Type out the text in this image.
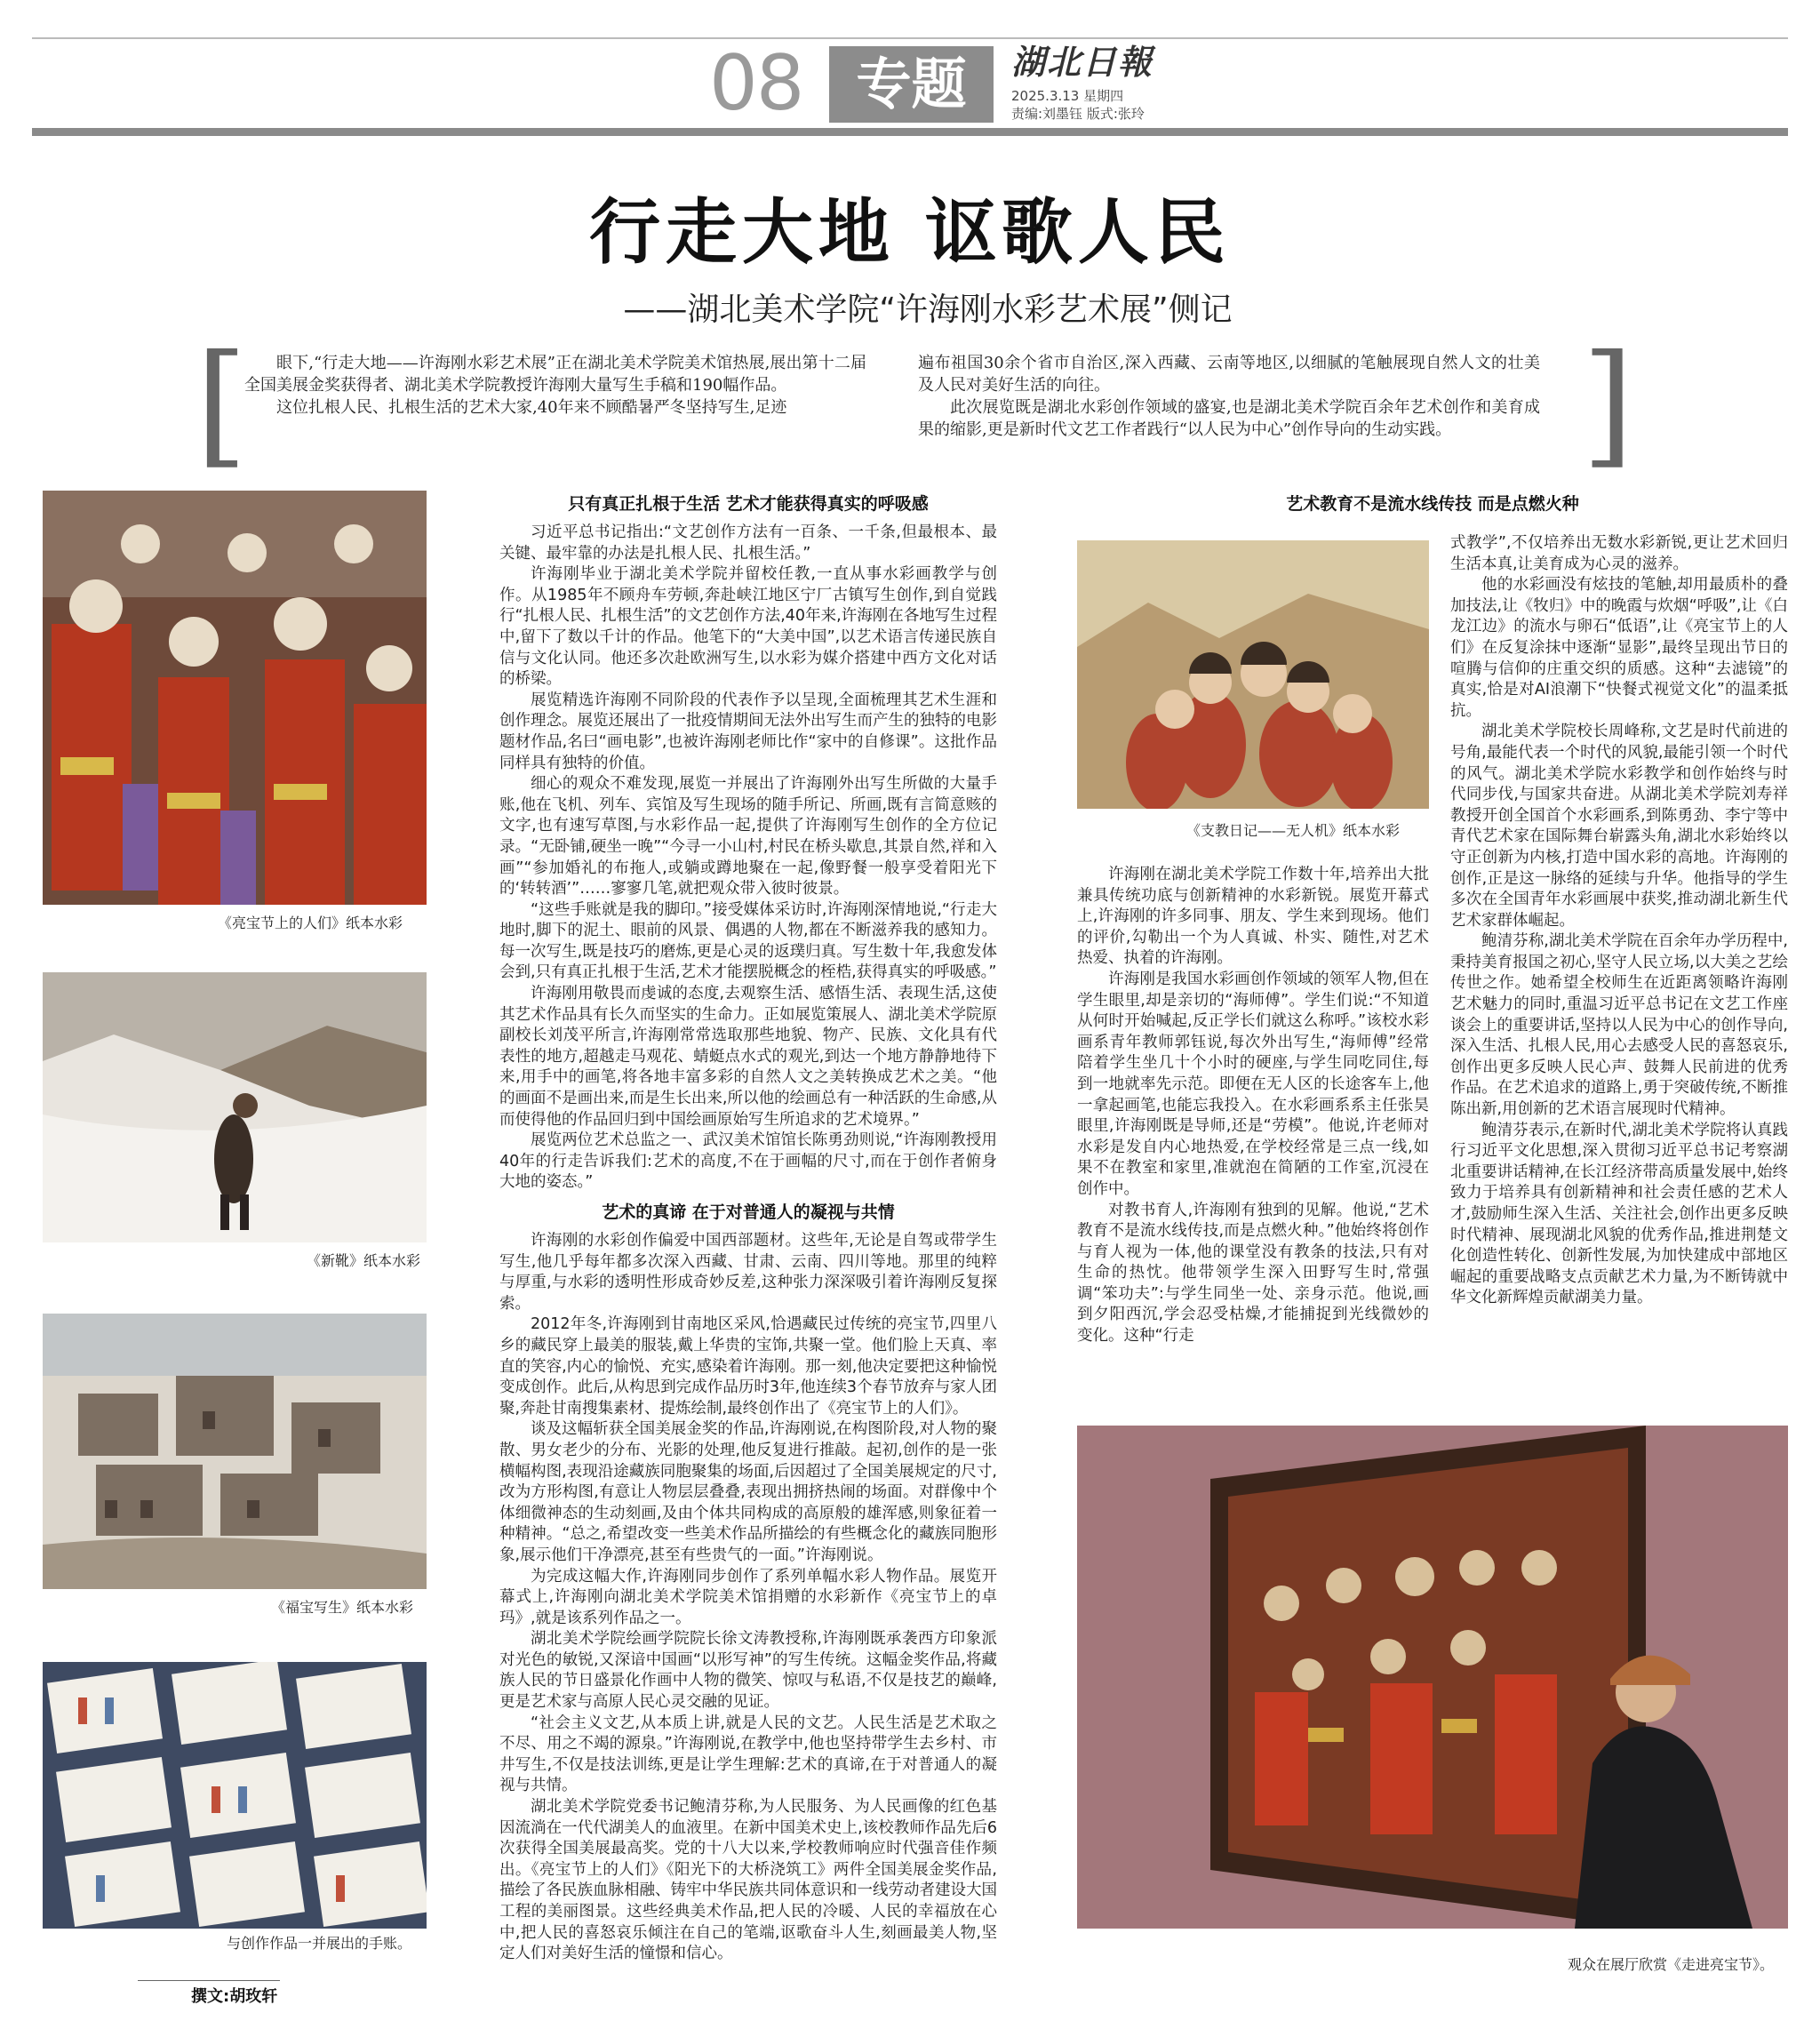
08 专题	湖北日報
2025.3.13 星期四
责编:刘墨钰 版式:张玲
行走大地 讴歌人民
——湖北美术学院“许海刚水彩艺术展”侧记
[	]

眼下,“行走大地——许海刚水彩艺术展”正在湖北美术学院美术馆热展,展出第十二届全国美展金奖获得者、湖北美术学院教授许海刚大量写生手稿和190幅作品。

这位扎根人民、扎根生活的艺术大家,40年来不顾酷暑严冬坚持写生,足迹

遍布祖国30余个省市自治区,深入西藏、云南等地区,以细腻的笔触展现自然人文的壮美及人民对美好生活的向往。

此次展览既是湖北水彩创作领域的盛宴,也是湖北美术学院百余年艺术创作和美育成果的缩影,更是新时代文艺工作者践行“以人民为中心”创作导向的生动实践。

《亮宝节上的人们》纸本水彩
《新靴》纸本水彩
《福宝写生》纸本水彩
与创作作品一并展出的手账。
只有真正扎根于生活 艺术才能获得真实的呼吸感

习近平总书记指出:“文艺创作方法有一百条、一千条,但最根本、最关键、最牢靠的办法是扎根人民、扎根生活。”

许海刚毕业于湖北美术学院并留校任教,一直从事水彩画教学与创作。从1985年不顾舟车劳顿,奔赴峡江地区宁厂古镇写生创作,到自觉践行“扎根人民、扎根生活”的文艺创作方法,40年来,许海刚在各地写生过程中,留下了数以千计的作品。他笔下的“大美中国”,以艺术语言传递民族自信与文化认同。他还多次赴欧洲写生,以水彩为媒介搭建中西方文化对话的桥梁。

展览精选许海刚不同阶段的代表作予以呈现,全面梳理其艺术生涯和创作理念。展览还展出了一批疫情期间无法外出写生而产生的独特的电影题材作品,名曰“画电影”,也被许海刚老师比作“家中的自修课”。这批作品同样具有独特的价值。

细心的观众不难发现,展览一并展出了许海刚外出写生所做的大量手账,他在飞机、列车、宾馆及写生现场的随手所记、所画,既有言简意赅的文字,也有速写草图,与水彩作品一起,提供了许海刚写生创作的全方位记录。“无卧铺,硬坐一晚”“今寻一小山村,村民在桥头歇息,其景自然,祥和入画”“参加婚礼的布拖人,或躺或蹲地聚在一起,像野餐一般享受着阳光下的‘转转酒’”……寥寥几笔,就把观众带入彼时彼景。

“这些手账就是我的脚印。”接受媒体采访时,许海刚深情地说,“行走大地时,脚下的泥土、眼前的风景、偶遇的人物,都在不断滋养我的感知力。每一次写生,既是技巧的磨炼,更是心灵的返璞归真。写生数十年,我愈发体会到,只有真正扎根于生活,艺术才能摆脱概念的桎梏,获得真实的呼吸感。”

许海刚用敬畏而虔诚的态度,去观察生活、感悟生活、表现生活,这使其艺术作品具有长久而坚实的生命力。正如展览策展人、湖北美术学院原副校长刘茂平所言,许海刚常常选取那些地貌、物产、民族、文化具有代表性的地方,超越走马观花、蜻蜓点水式的观光,到达一个地方静静地待下来,用手中的画笔,将各地丰富多彩的自然人文之美转换成艺术之美。“他的画面不是画出来,而是生长出来,所以他的绘画总有一种活跃的生命感,从而使得他的作品回归到中国绘画原始写生所追求的艺术境界。”

展览两位艺术总监之一、武汉美术馆馆长陈勇劲则说,“许海刚教授用40年的行走告诉我们:艺术的高度,不在于画幅的尺寸,而在于创作者俯身大地的姿态。”

艺术的真谛 在于对普通人的凝视与共情

许海刚的水彩创作偏爱中国西部题材。这些年,无论是自驾或带学生写生,他几乎每年都多次深入西藏、甘肃、云南、四川等地。那里的纯粹与厚重,与水彩的透明性形成奇妙反差,这种张力深深吸引着许海刚反复探索。

2012年冬,许海刚到甘南地区采风,恰遇藏民过传统的亮宝节,四里八乡的藏民穿上最美的服装,戴上华贵的宝饰,共聚一堂。他们脸上天真、率直的笑容,内心的愉悦、充实,感染着许海刚。那一刻,他决定要把这种愉悦变成创作。此后,从构思到完成作品历时3年,他连续3个春节放弃与家人团聚,奔赴甘南搜集素材、提炼绘制,最终创作出了《亮宝节上的人们》。

谈及这幅斩获全国美展金奖的作品,许海刚说,在构图阶段,对人物的聚散、男女老少的分布、光影的处理,他反复进行推敲。起初,创作的是一张横幅构图,表现沿途藏族同胞聚集的场面,后因超过了全国美展规定的尺寸,改为方形构图,有意让人物层层叠叠,表现出拥挤热闹的场面。对群像中个体细微神态的生动刻画,及由个体共同构成的高原般的雄浑感,则象征着一种精神。“总之,希望改变一些美术作品所描绘的有些概念化的藏族同胞形象,展示他们干净漂亮,甚至有些贵气的一面。”许海刚说。

为完成这幅大作,许海刚同步创作了系列单幅水彩人物作品。展览开幕式上,许海刚向湖北美术学院美术馆捐赠的水彩新作《亮宝节上的卓玛》,就是该系列作品之一。

湖北美术学院绘画学院院长徐文涛教授称,许海刚既承袭西方印象派对光色的敏锐,又深谙中国画“以形写神”的写生传统。这幅金奖作品,将藏族人民的节日盛景化作画中人物的微笑、惊叹与私语,不仅是技艺的巅峰,更是艺术家与高原人民心灵交融的见证。

“社会主义文艺,从本质上讲,就是人民的文艺。人民生活是艺术取之不尽、用之不竭的源泉。”许海刚说,在教学中,他也坚持带学生去乡村、市井写生,不仅是技法训练,更是让学生理解:艺术的真谛,在于对普通人的凝视与共情。

湖北美术学院党委书记鲍清芬称,为人民服务、为人民画像的红色基因流淌在一代代湖美人的血液里。在新中国美术史上,该校教师作品先后6次获得全国美展最高奖。党的十八大以来,学校教师响应时代强音佳作频出。《亮宝节上的人们》《阳光下的大桥浇筑工》两件全国美展金奖作品,描绘了各民族血脉相融、铸牢中华民族共同体意识和一线劳动者建设大国工程的美丽图景。这些经典美术作品,把人民的冷暖、人民的幸福放在心中,把人民的喜怒哀乐倾注在自己的笔端,讴歌奋斗人生,刻画最美人物,坚定人们对美好生活的憧憬和信心。

艺术教育不是流水线传技 而是点燃火种
《支教日记——无人机》纸本水彩

许海刚在湖北美术学院工作数十年,培养出大批兼具传统功底与创新精神的水彩新锐。展览开幕式上,许海刚的许多同事、朋友、学生来到现场。他们的评价,勾勒出一个为人真诚、朴实、随性,对艺术热爱、执着的许海刚。

许海刚是我国水彩画创作领域的领军人物,但在学生眼里,却是亲切的“海师傅”。学生们说:“不知道从何时开始喊起,反正学长们就这么称呼。”该校水彩画系青年教师郭钰说,每次外出写生,“海师傅”经常陪着学生坐几十个小时的硬座,与学生同吃同住,每到一地就率先示范。即便在无人区的长途客车上,他一拿起画笔,也能忘我投入。在水彩画系系主任张昊眼里,许海刚既是导师,还是“劳模”。他说,许老师对水彩是发自内心地热爱,在学校经常是三点一线,如果不在教室和家里,准就泡在简陋的工作室,沉浸在创作中。

对教书育人,许海刚有独到的见解。他说,“艺术教育不是流水线传技,而是点燃火种。”他始终将创作与育人视为一体,他的课堂没有教条的技法,只有对生命的热忱。他带领学生深入田野写生时,常强调“笨功夫”:与学生同坐一处、亲身示范。他说,画到夕阳西沉,学会忍受枯燥,才能捕捉到光线微妙的变化。这种“行走

式教学”,不仅培养出无数水彩新锐,更让艺术回归生活本真,让美育成为心灵的滋养。

他的水彩画没有炫技的笔触,却用最质朴的叠加技法,让《牧归》中的晚霞与炊烟“呼吸”,让《白龙江边》的流水与卵石“低语”,让《亮宝节上的人们》在反复涂抹中逐渐“显影”,最终呈现出节日的喧腾与信仰的庄重交织的质感。这种“去滤镜”的真实,恰是对AI浪潮下“快餐式视觉文化”的温柔抵抗。

湖北美术学院校长周峰称,文艺是时代前进的号角,最能代表一个时代的风貌,最能引领一个时代的风气。湖北美术学院水彩教学和创作始终与时代同步伐,与国家共奋进。从湖北美术学院刘寿祥教授开创全国首个水彩画系,到陈勇劲、李宁等中青代艺术家在国际舞台崭露头角,湖北水彩始终以守正创新为内核,打造中国水彩的高地。许海刚的创作,正是这一脉络的延续与升华。他指导的学生多次在全国青年水彩画展中获奖,推动湖北新生代艺术家群体崛起。

鲍清芬称,湖北美术学院在百余年办学历程中,秉持美育报国之初心,坚守人民立场,以大美之艺绘传世之作。她希望全校师生在近距离领略许海刚艺术魅力的同时,重温习近平总书记在文艺工作座谈会上的重要讲话,坚持以人民为中心的创作导向,深入生活、扎根人民,用心去感受人民的喜怒哀乐,创作出更多反映人民心声、鼓舞人民前进的优秀作品。在艺术追求的道路上,勇于突破传统,不断推陈出新,用创新的艺术语言展现时代精神。

鲍清芬表示,在新时代,湖北美术学院将认真践行习近平文化思想,深入贯彻习近平总书记考察湖北重要讲话精神,在长江经济带高质量发展中,始终致力于培养具有创新精神和社会责任感的艺术人才,鼓励师生深入生活、关注社会,创作出更多反映时代精神、展现湖北风貌的优秀作品,推进荆楚文化创造性转化、创新性发展,为加快建成中部地区崛起的重要战略支点贡献艺术力量,为不断铸就中华文化新辉煌贡献湖美力量。

观众在展厅欣赏《走进亮宝节》。
撰文:胡玫轩
